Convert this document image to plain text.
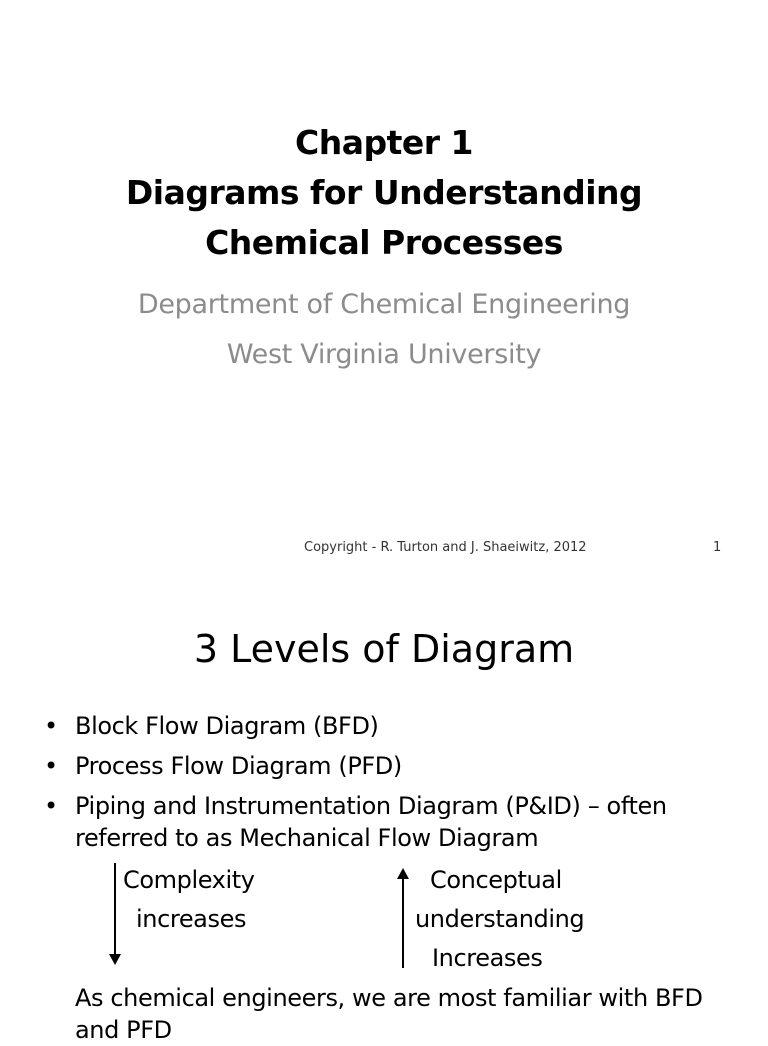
Chapter 1
Diagrams for Understanding
Chemical Processes
Department of Chemical Engineering
West Virginia University
Copyright - R. Turton and J. Shaeiwitz, 2012	1
3 Levels of Diagram
• Block Flow Diagram (BFD)
• Process Flow Diagram (PFD)
• Piping and Instrumentation Diagram (P&ID) – often referred to as Mechanical Flow Diagram
Complexity
increases
Conceptual
understanding
Increases
As chemical engineers, we are most familiar with BFD and PFD
